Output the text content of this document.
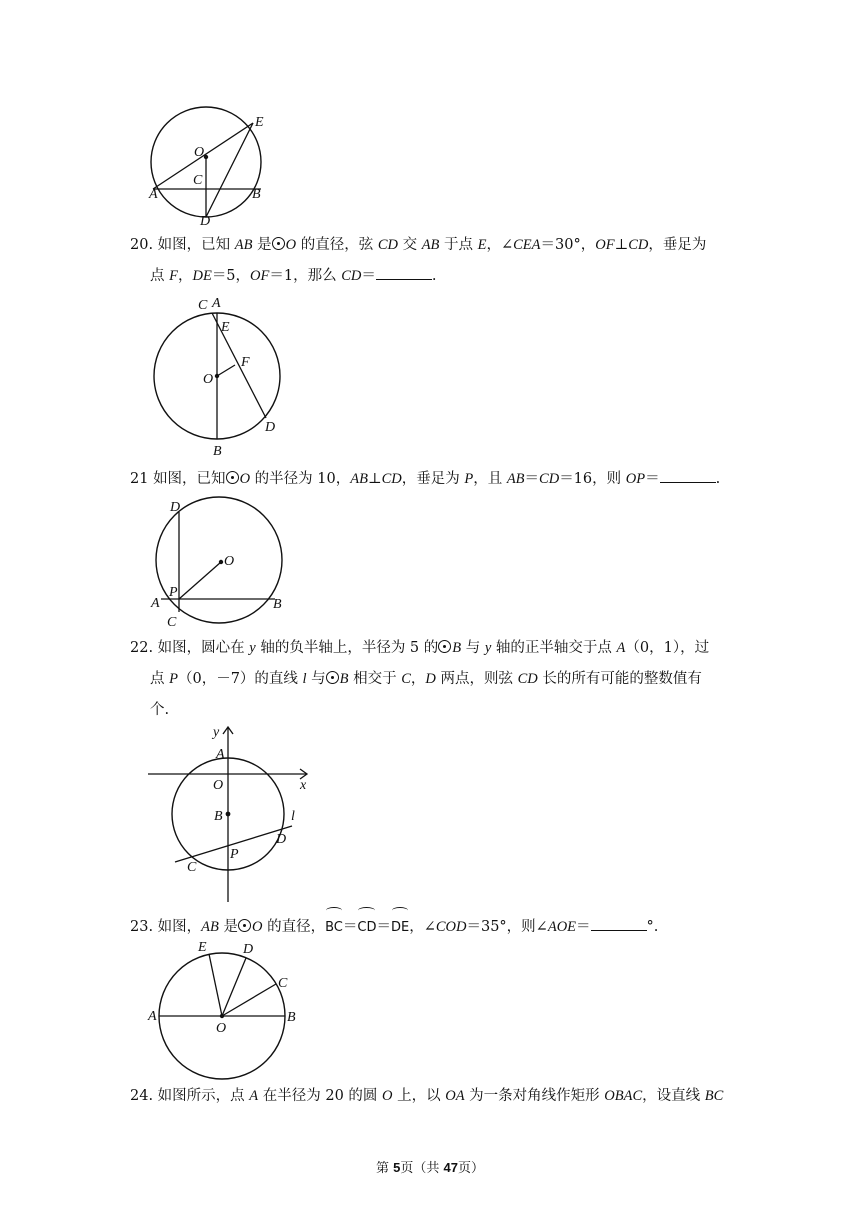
E
O
C
A	B
D
20. 如图，已知 AB 是 O 的直径，弦 CD 交 AB 于点 E，∠CEA＝30°，OF⊥CD，垂足为
点 F，DE＝5，OF＝1，那么 CD＝	.
C A
E
F
O
D
B
21 如图，已知 O 的半径为 10，AB⊥CD，垂足为 P，且 AB＝CD＝16，则 OP＝	.
D
O
P
A	B
C
22. 如图，圆心在 y 轴的负半轴上，半径为 5 的 B 与 y 轴的正半轴交于点 A（0，1），过
点 P（0，－7）的直线 l 与 B 相交于 C，D 两点，则弦 CD 长的所有可能的整数值有
个.
y
A
O	x
B	l
D
P
C
23. 如图，AB 是 O 的直径，BC＝CD＝DE，∠COD＝35°，则∠AOE＝	°.
E	D
C
A
O
B
24. 如图所示，点 A 在半径为 20 的圆 O 上，以 OA 为一条对角线作矩形 OBAC，设直线 BC
第 5页（共 47页）
